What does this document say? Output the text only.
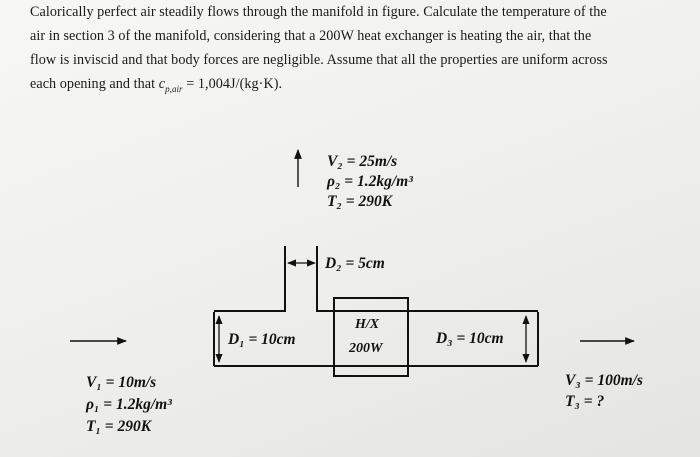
Calorically perfect air steadily flows through the manifold in figure. Calculate the temperature of the
air in section 3 of the manifold, considering that a 200W heat exchanger is heating the air, that the
flow is inviscid and that body forces are negligible. Assume that all the properties are uniform across
each opening and that $c_{p,air} = 1,004J/(kg\cdot K)$.
V₂ = 25m/s
ρ₂ = 1.2kg/m³
T₂ = 290K
D₂ = 5cm
D₁ = 10cm	D₃ = 10cm
H/X
200W
V₁ = 10m/s
ρ₁ = 1.2kg/m³
T₁ = 290K
V₃ = 100m/s
T₃ = ?
